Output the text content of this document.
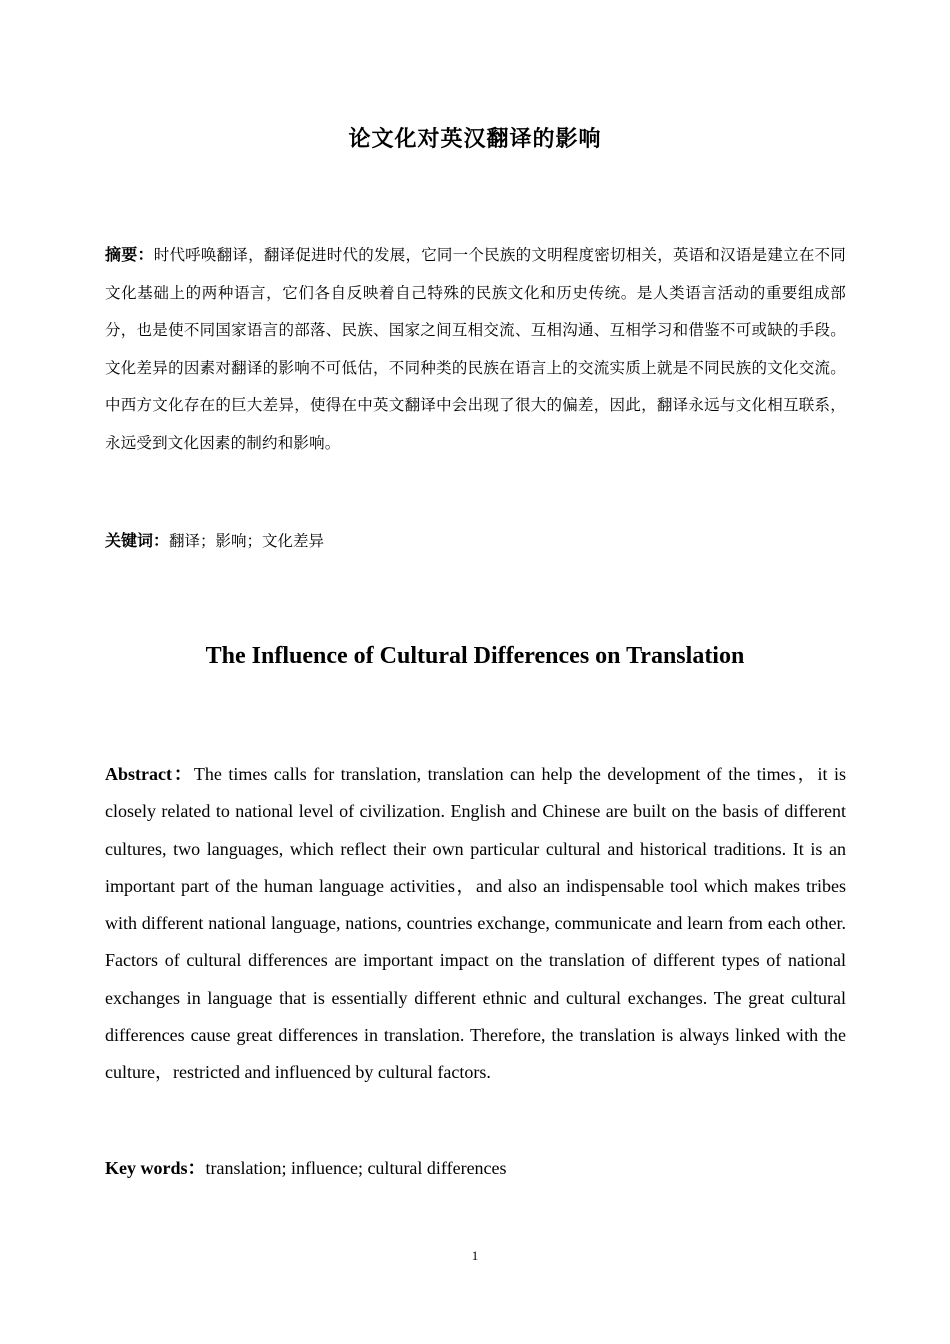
论文化对英汉翻译的影响
摘要：时代呼唤翻译，翻译促进时代的发展，它同一个民族的文明程度密切相关，英语和汉语是建立在不同文化基础上的两种语言，它们各自反映着自己特殊的民族文化和历史传统。是人类语言活动的重要组成部分，也是使不同国家语言的部落、民族、国家之间互相交流、互相沟通、互相学习和借鉴不可或缺的手段。文化差异的因素对翻译的影响不可低估，不同种类的民族在语言上的交流实质上就是不同民族的文化交流。中西方文化存在的巨大差异，使得在中英文翻译中会出现了很大的偏差，因此，翻译永远与文化相互联系，永远受到文化因素的制约和影响。
关键词：翻译；影响；文化差异
The Influence of Cultural Differences on Translation
Abstract：The times calls for translation, translation can help the development of the times，it is closely related to national level of civilization. English and Chinese are built on the basis of different cultures, two languages, which reflect their own particular cultural and historical traditions. It is an important part of the human language activities，and also an indispensable tool which makes tribes with different national language, nations, countries exchange, communicate and learn from each other. Factors of cultural differences are important impact on the translation of different types of national exchanges in language that is essentially different ethnic and cultural exchanges. The great cultural differences cause great differences in translation. Therefore, the translation is always linked with the culture，restricted and influenced by cultural factors.
Key words：translation; influence; cultural differences
1
